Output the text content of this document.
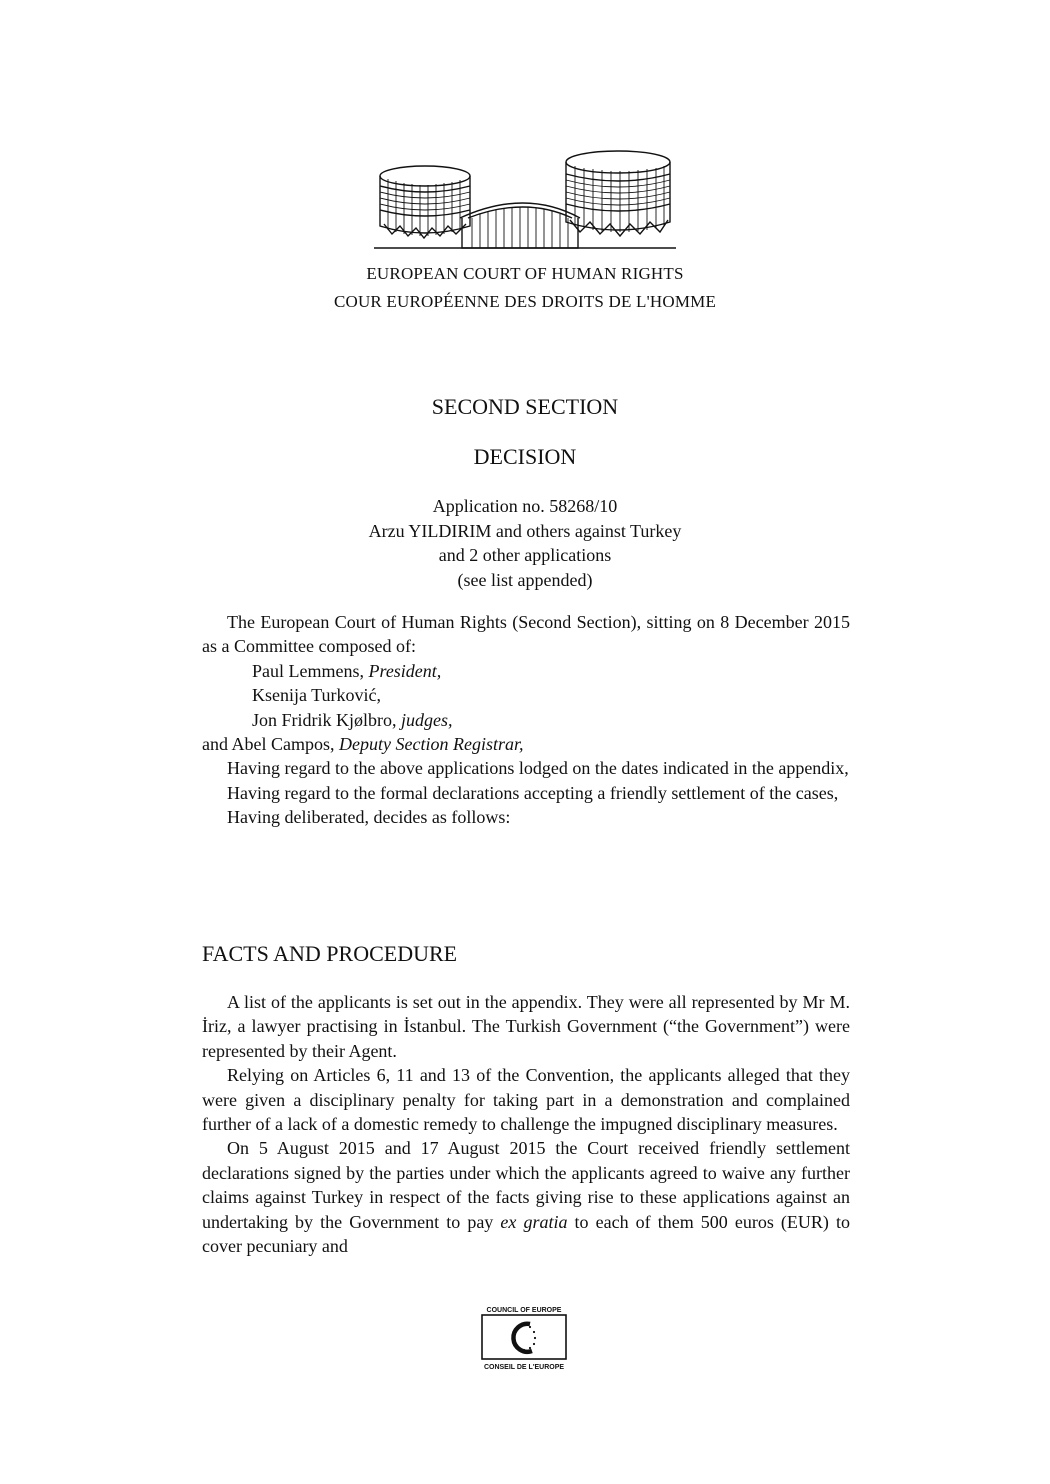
EUROPEAN COURT OF HUMAN RIGHTS
COUR EUROPÉENNE DES DROITS DE L'HOMME
SECOND SECTION
DECISION
Application no. 58268/10
Arzu YILDIRIM and others against Turkey
and 2 other applications
(see list appended)

The European Court of Human Rights (Second Section), sitting on 8 December 2015 as a Committee composed of:

Paul Lemmens, President,

Ksenija Turković,

Jon Fridrik Kjølbro, judges,

and Abel Campos, Deputy Section Registrar,

Having regard to the above applications lodged on the dates indicated in the appendix,

Having regard to the formal declarations accepting a friendly settlement of the cases,

Having deliberated, decides as follows:

FACTS AND PROCEDURE

A list of the applicants is set out in the appendix. They were all represented by Mr M. İriz, a lawyer practising in İstanbul. The Turkish Government (“the Government”) were represented by their Agent.

Relying on Articles 6, 11 and 13 of the Convention, the applicants alleged that they were given a disciplinary penalty for taking part in a demonstration and complained further of a lack of a domestic remedy to challenge the impugned disciplinary measures.

On 5 August 2015 and 17 August 2015 the Court received friendly settlement declarations signed by the parties under which the applicants agreed to waive any further claims against Turkey in respect of the facts giving rise to these applications against an undertaking by the Government to pay ex gratia to each of them 500 euros (EUR) to cover pecuniary and

COUNCIL OF EUROPE
CONSEIL DE L'EUROPE
